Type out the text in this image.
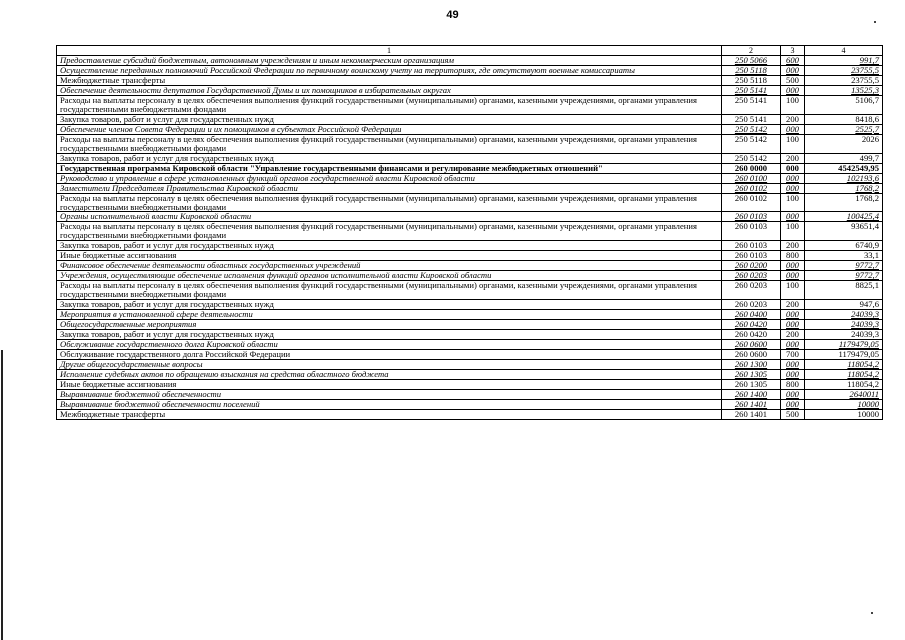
49
1	2	3	4
Предоставление субсидий бюджетным, автономным учреждениям и иным некоммерческим организациям	250 5066	600	991,7
Осуществление переданных полномочий Российской Федерации по первичному воинскому учету на территориях, где отсутствуют военные комиссариаты	250 5118	000	23755,5
Межбюджетные трансферты	250 5118	500	23755,5
Обеспечение деятельности депутатов Государственной Думы и их помощников в избирательных округах	250 5141	000	13525,3
Расходы на выплаты персоналу в целях обеспечения выполнения функций государственными (муниципальными) органами, казенными учреждениями, органами управления государственными внебюджетными фондами	250 5141	100	5106,7
Закупка товаров, работ и услуг для государственных нужд	250 5141	200	8418,6
Обеспечение членов Совета Федерации и их помощников в субъектах Российской Федерации	250 5142	000	2525,7
Расходы на выплаты персоналу в целях обеспечения выполнения функций государственными (муниципальными) органами, казенными учреждениями, органами управления государственными внебюджетными фондами	250 5142	100	2026
Закупка товаров, работ и услуг для государственных нужд	250 5142	200	499,7
Государственная программа Кировской области "Управление государственными финансами и регулирование межбюджетных отношений"	260 0000	000	4542549,95
Руководство и управление в сфере установленных функций органов государственной власти Кировской области	260 0100	000	102193,6
Заместители Председателя Правительства Кировской области	260 0102	000	1768,2
Расходы на выплаты персоналу в целях обеспечения выполнения функций государственными (муниципальными) органами, казенными учреждениями, органами управления государственными внебюджетными фондами	260 0102	100	1768,2
Органы исполнительной власти Кировской области	260 0103	000	100425,4
Расходы на выплаты персоналу в целях обеспечения выполнения функций государственными (муниципальными) органами, казенными учреждениями, органами управления государственными внебюджетными фондами	260 0103	100	93651,4
Закупка товаров, работ и услуг для государственных нужд	260 0103	200	6740,9
Иные бюджетные ассигнования	260 0103	800	33,1
Финансовое обеспечение деятельности областных государственных учреждений	260 0200	000	9772,7
Учреждения, осуществляющие обеспечение исполнения функций органов исполнительной власти Кировской области	260 0203	000	9772,7
Расходы на выплаты персоналу в целях обеспечения выполнения функций государственными (муниципальными) органами, казенными учреждениями, органами управления государственными внебюджетными фондами	260 0203	100	8825,1
Закупка товаров, работ и услуг для государственных нужд	260 0203	200	947,6
Мероприятия в установленной сфере деятельности	260 0400	000	24039,3
Общегосударственные мероприятия	260 0420	000	24039,3
Закупка товаров, работ и услуг для государственных нужд	260 0420	200	24039,3
Обслуживание государственного долга Кировской области	260 0600	000	1179479,05
Обслуживание государственного долга Российской Федерации	260 0600	700	1179479,05
Другие общегосударственные вопросы	260 1300	000	118054,2
Исполнение судебных актов по обращению взыскания на средства областного бюджета	260 1305	000	118054,2
Иные бюджетные ассигнования	260 1305	800	118054,2
Выравнивание бюджетной обеспеченности	260 1400	000	2640011
Выравнивание бюджетной обеспеченности поселений	260 1401	000	10000
Межбюджетные трансферты	260 1401	500	10000
